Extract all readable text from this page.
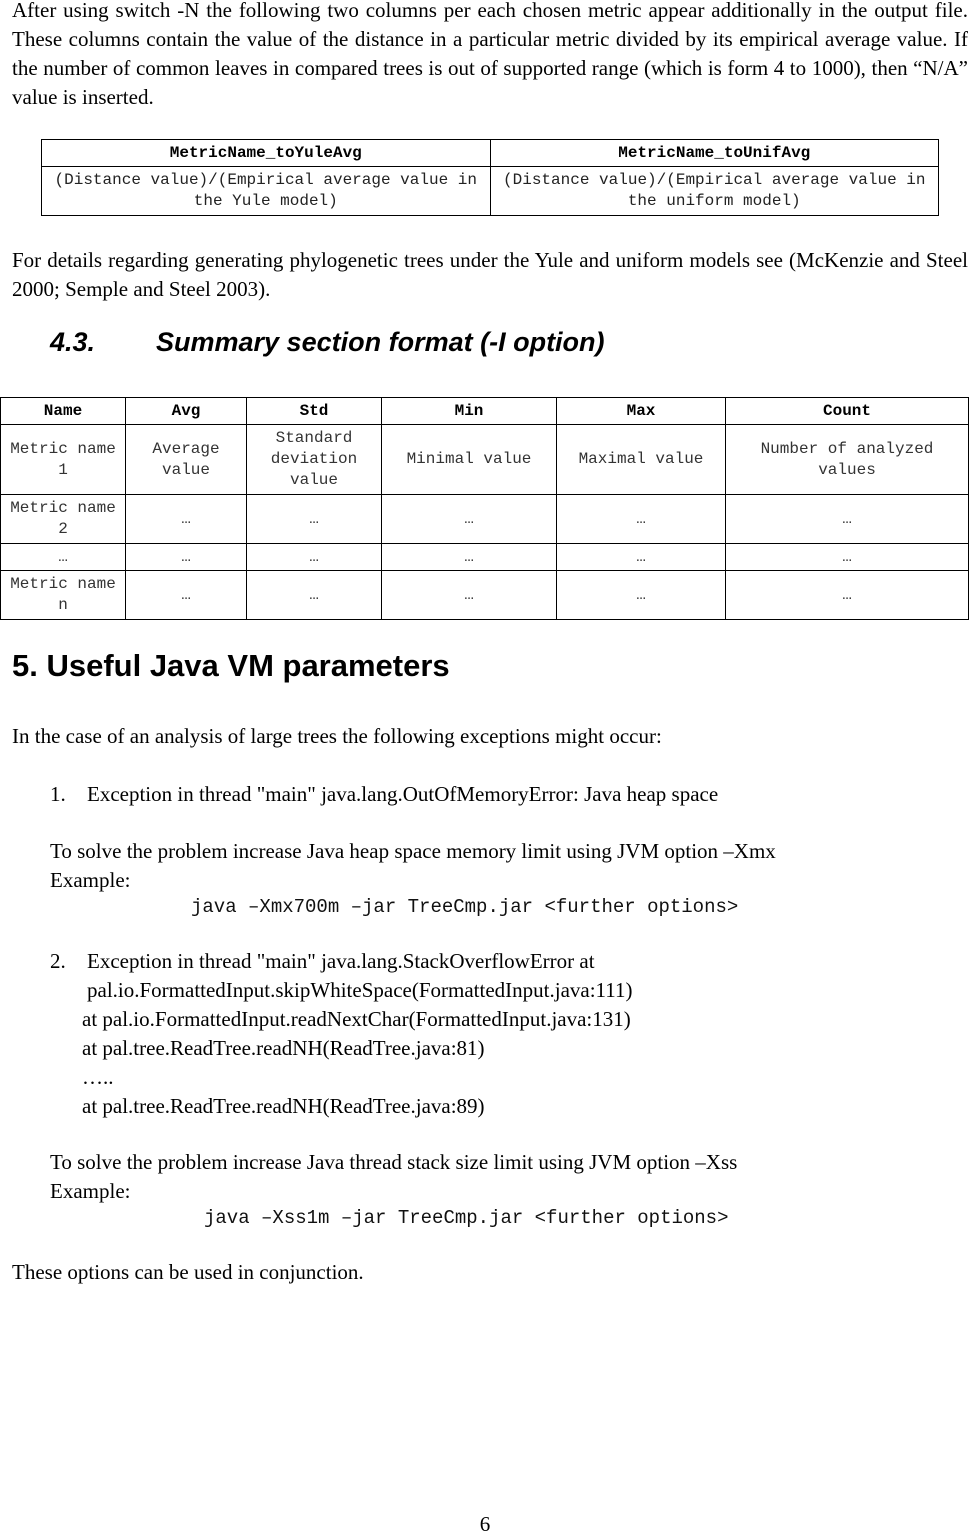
After using switch -N the following two columns per each chosen metric appear additionally in the output file. These columns contain the value of the distance in a particular metric divided by its empirical average value. If the number of common leaves in compared trees is out of supported range (which is form 4 to 1000), then “N/A” value is inserted.

MetricName_toYuleAvg	MetricName_toUnifAvg
(Distance value)/(Empirical average value in the Yule model)	(Distance value)/(Empirical average value in the uniform model)

For details regarding generating phylogenetic trees under the Yule and uniform models see (McKenzie and Steel 2000; Semple and Steel 2003).

4.3. Summary section format (-I option)
Name	Avg	Std	Min	Max	Count
Metric name 1	Average value	Standard deviation value	Minimal value	Maximal value	Number of analyzed values
Metric name 2	…	…	…	…	…
…	…	…	…	…	…
Metric name n	…	…	…	…	…
5. Useful Java VM parameters

In the case of an analysis of large trees the following exceptions might occur:

1. Exception in thread "main" java.lang.OutOfMemoryError: Java heap space

To solve the problem increase Java heap space memory limit using JVM option –Xmx

Example:

java –Xmx700m –jar TreeCmp.jar <further options>

2. Exception in thread "main" java.lang.StackOverflowError at

pal.io.FormattedInput.skipWhiteSpace(FormattedInput.java:111)

at pal.io.FormattedInput.readNextChar(FormattedInput.java:131)

at pal.tree.ReadTree.readNH(ReadTree.java:81)

…..

at pal.tree.ReadTree.readNH(ReadTree.java:89)

To solve the problem increase Java thread stack size limit using JVM option –Xss

Example:

java –Xss1m –jar TreeCmp.jar <further options>

These options can be used in conjunction.

6
